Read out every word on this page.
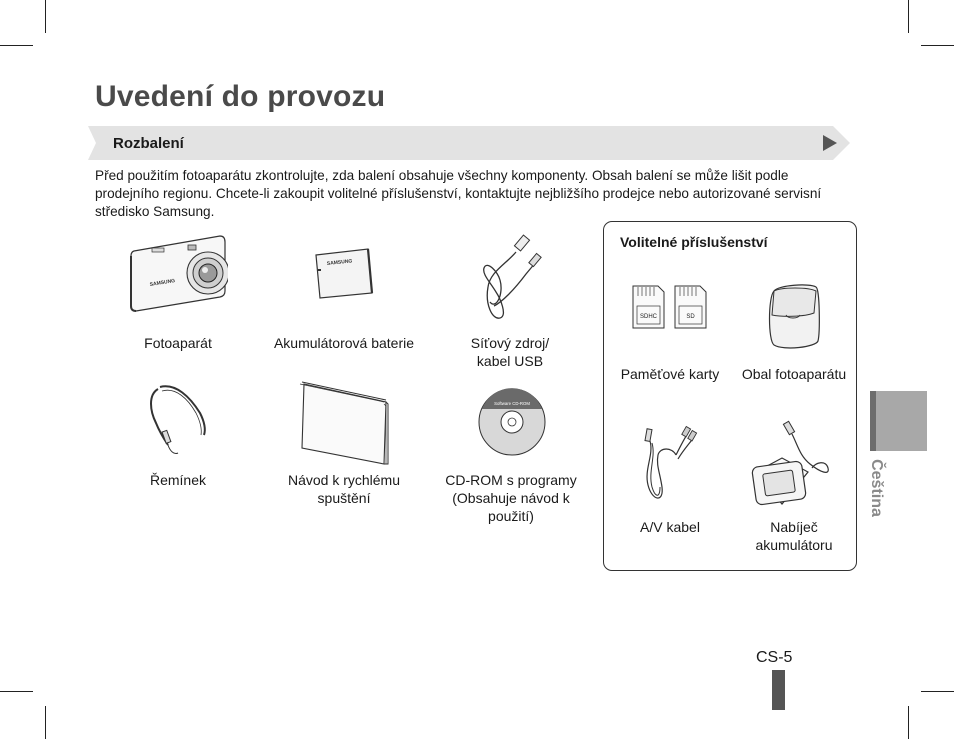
Uvedení do provozu
Rozbalení
Před použitím fotoaparátu zkontrolujte, zda balení obsahuje všechny komponenty. Obsah balení se může lišit podle prodejního regionu. Chcete-li zakoupit volitelné příslušenství, kontaktujte nejbližšího prodejce nebo autorizované servisní středisko Samsung.
SAMSUNG
SAMSUNG
Software CD-ROM
Fotoaparát	Akumulátorová baterie	Síťový zdroj/
kabel USB
Řemínek	Návod k rychlému
spuštění
CD-ROM s programy
(Obsahuje návod k
použití)
Volitelné příslušenství
SDHC	SD
Paměťové karty	Obal fotoaparátu
A/V kabel	Nabíječ
akumulátoru
Čeština
CS-5
